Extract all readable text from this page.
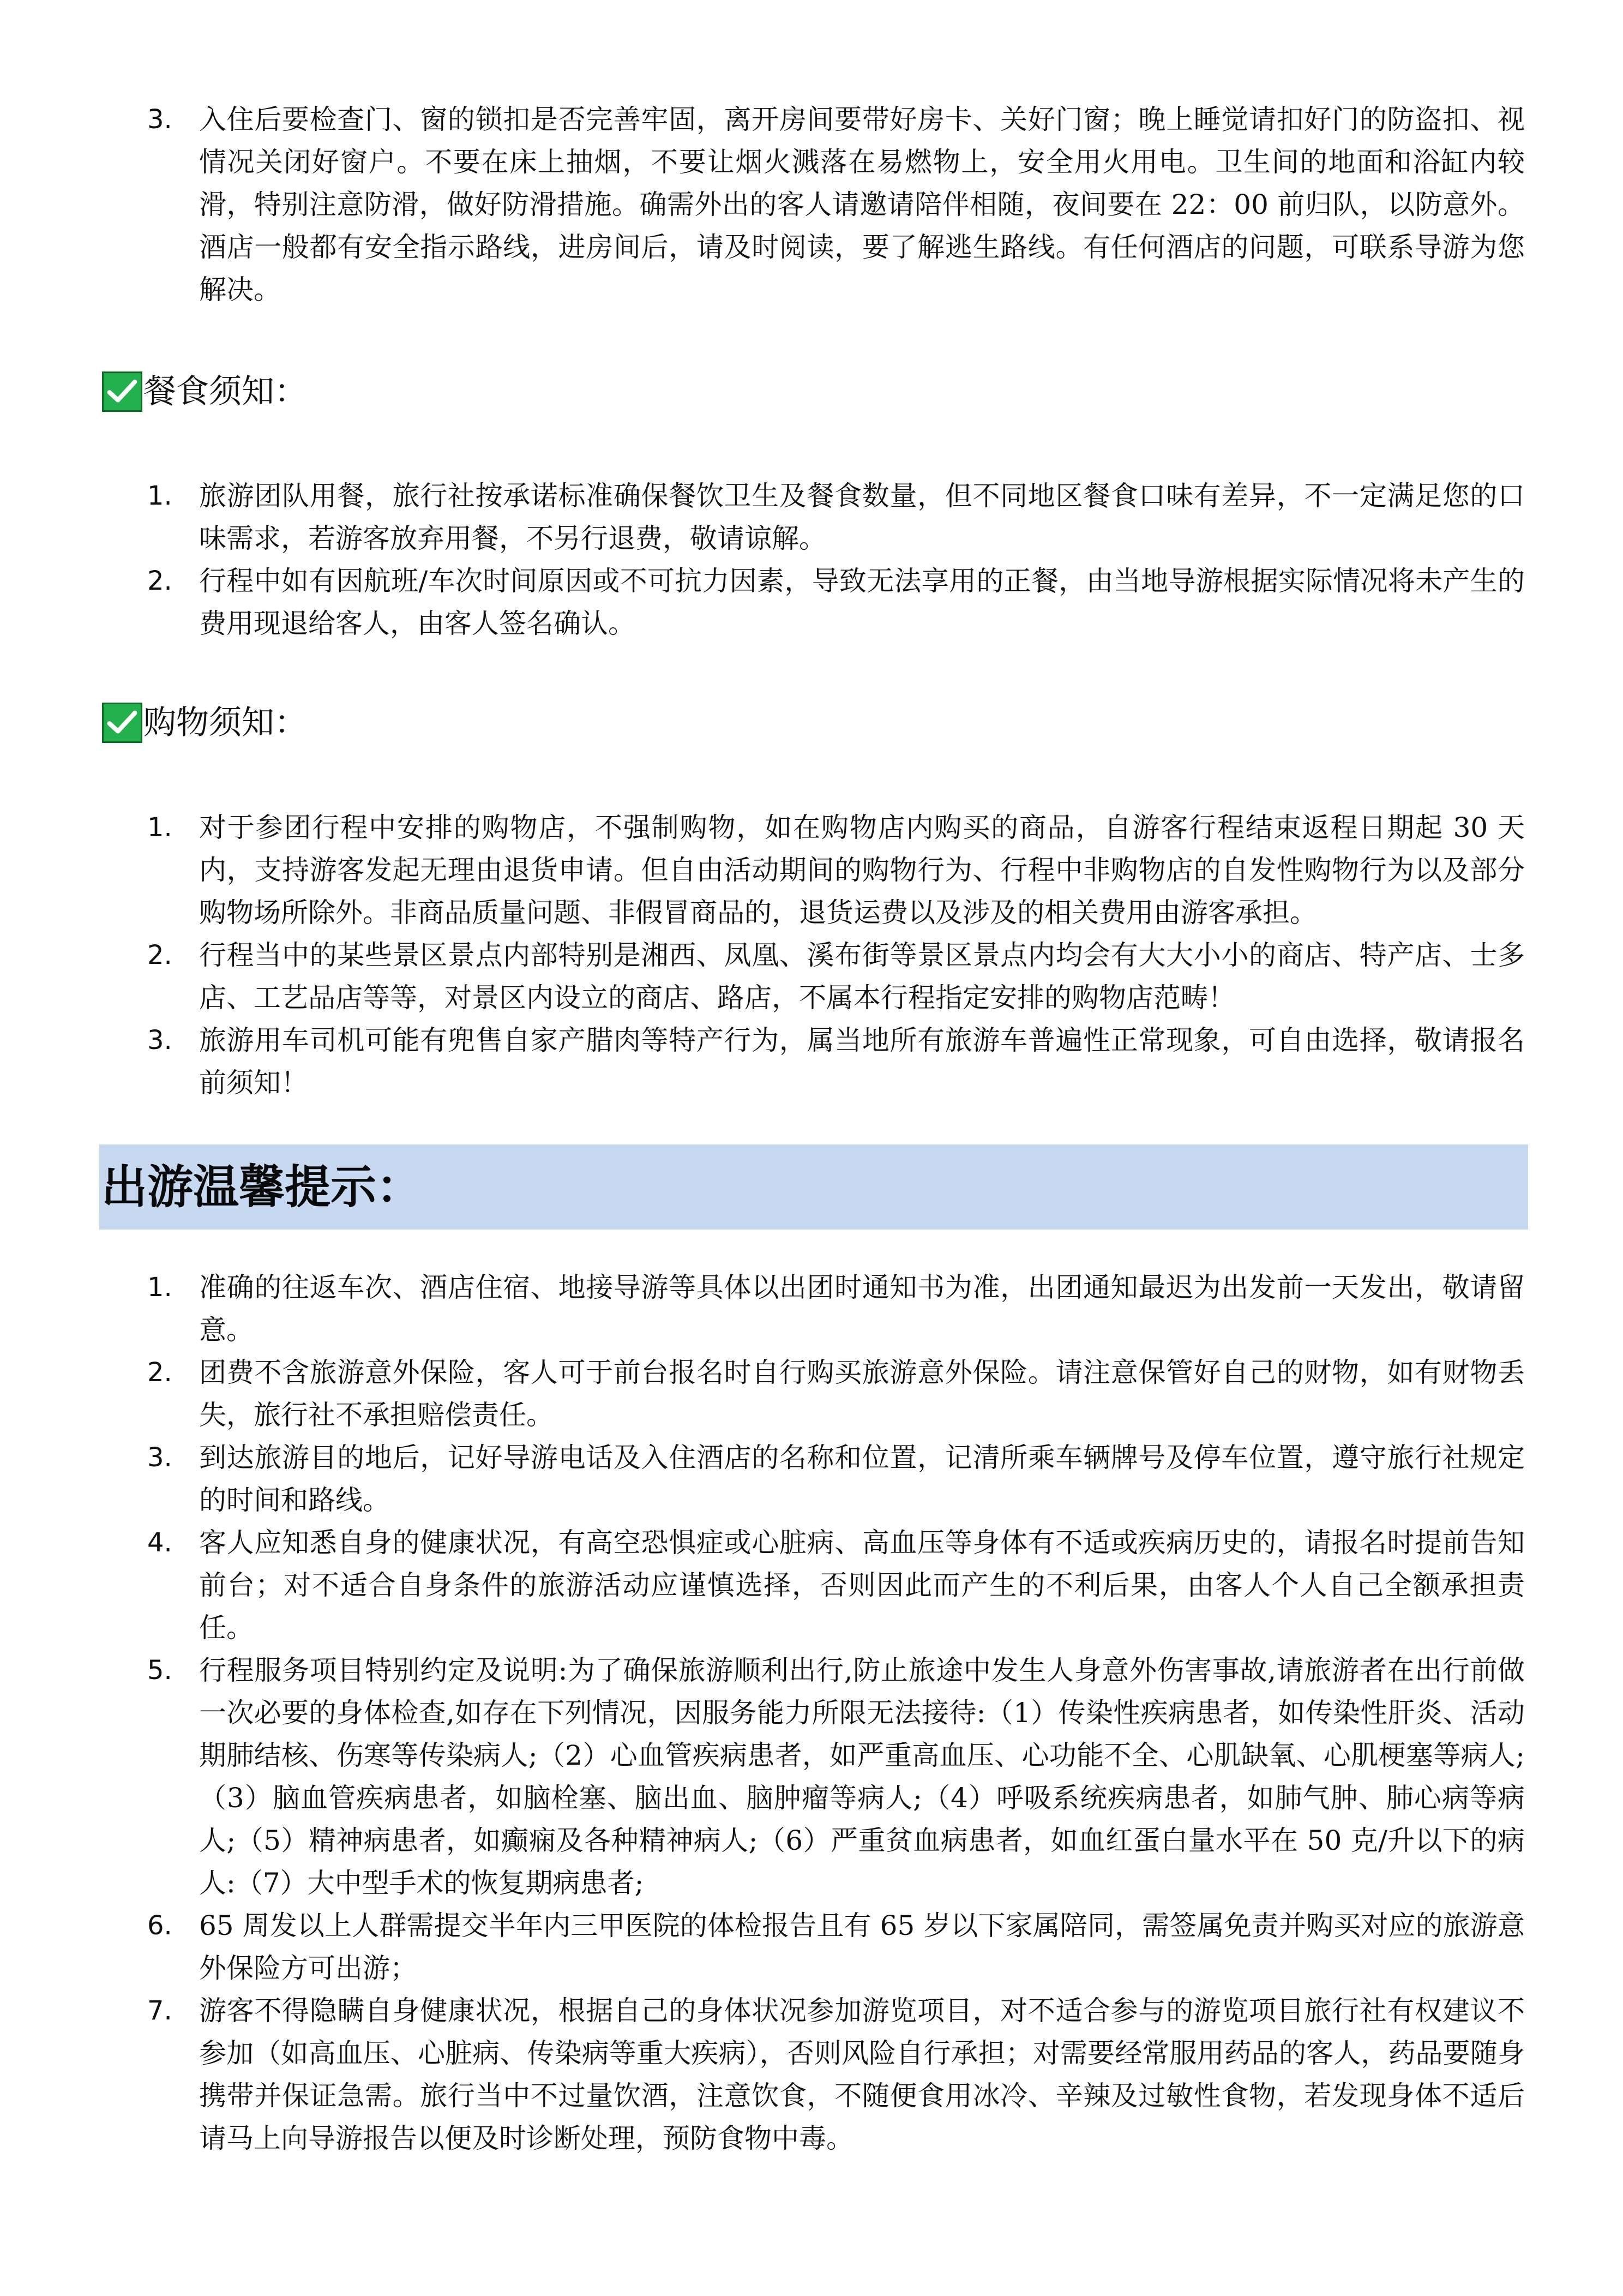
3. 入住后要检查门、窗的锁扣是否完善牢固，离开房间要带好房卡、关好门窗；晚上睡觉请扣好门的防盗扣、视情况关闭好窗户。不要在床上抽烟，不要让烟火溅落在易燃物上，安全用火用电。卫生间的地面和浴缸内较滑，特别注意防滑，做好防滑措施。确需外出的客人请邀请陪伴相随，夜间要在 22：00 前归队，以防意外。酒店一般都有安全指示路线，进房间后，请及时阅读，要了解逃生路线。有任何酒店的问题，可联系导游为您解决。
餐食须知：
1. 旅游团队用餐，旅行社按承诺标准确保餐饮卫生及餐食数量，但不同地区餐食口味有差异，不一定满足您的口味需求，若游客放弃用餐，不另行退费，敬请谅解。
2. 行程中如有因航班/车次时间原因或不可抗力因素，导致无法享用的正餐，由当地导游根据实际情况将未产生的费用现退给客人，由客人签名确认。
购物须知：
1. 对于参团行程中安排的购物店，不强制购物，如在购物店内购买的商品，自游客行程结束返程日期起 30 天内，支持游客发起无理由退货申请。但自由活动期间的购物行为、行程中非购物店的自发性购物行为以及部分购物场所除外。非商品质量问题、非假冒商品的，退货运费以及涉及的相关费用由游客承担。
2. 行程当中的某些景区景点内部特别是湘西、凤凰、溪布街等景区景点内均会有大大小小的商店、特产店、士多店、工艺品店等等，对景区内设立的商店、路店，不属本行程指定安排的购物店范畴！
3. 旅游用车司机可能有兜售自家产腊肉等特产行为，属当地所有旅游车普遍性正常现象，可自由选择，敬请报名前须知！
出游温馨提示：
1. 准确的往返车次、酒店住宿、地接导游等具体以出团时通知书为准，出团通知最迟为出发前一天发出，敬请留意。
2. 团费不含旅游意外保险，客人可于前台报名时自行购买旅游意外保险。请注意保管好自己的财物，如有财物丢失，旅行社不承担赔偿责任。
3. 到达旅游目的地后，记好导游电话及入住酒店的名称和位置，记清所乘车辆牌号及停车位置，遵守旅行社规定的时间和路线。
4. 客人应知悉自身的健康状况，有高空恐惧症或心脏病、高血压等身体有不适或疾病历史的，请报名时提前告知前台；对不适合自身条件的旅游活动应谨慎选择，否则因此而产生的不利后果，由客人个人自己全额承担责任。
5. 行程服务项目特别约定及说明:为了确保旅游顺利出行,防止旅途中发生人身意外伤害事故,请旅游者在出行前做一次必要的身体检查,如存在下列情况，因服务能力所限无法接待:（1）传染性疾病患者，如传染性肝炎、活动期肺结核、伤寒等传染病人;（2）心血管疾病患者，如严重高血压、心功能不全、心肌缺氧、心肌梗塞等病人;（3）脑血管疾病患者，如脑栓塞、脑出血、脑肿瘤等病人;（4）呼吸系统疾病患者，如肺气肿、肺心病等病人;（5）精神病患者，如癫痫及各种精神病人;（6）严重贫血病患者，如血红蛋白量水平在 50 克/升以下的病人:（7）大中型手术的恢复期病患者;
6. 65 周发以上人群需提交半年内三甲医院的体检报告且有 65 岁以下家属陪同，需签属免责并购买对应的旅游意外保险方可出游；
7. 游客不得隐瞒自身健康状况，根据自己的身体状况参加游览项目，对不适合参与的游览项目旅行社有权建议不参加（如高血压、心脏病、传染病等重大疾病），否则风险自行承担；对需要经常服用药品的客人，药品要随身携带并保证急需。旅行当中不过量饮酒，注意饮食，不随便食用冰冷、辛辣及过敏性食物，若发现身体不适后请马上向导游报告以便及时诊断处理，预防食物中毒。
